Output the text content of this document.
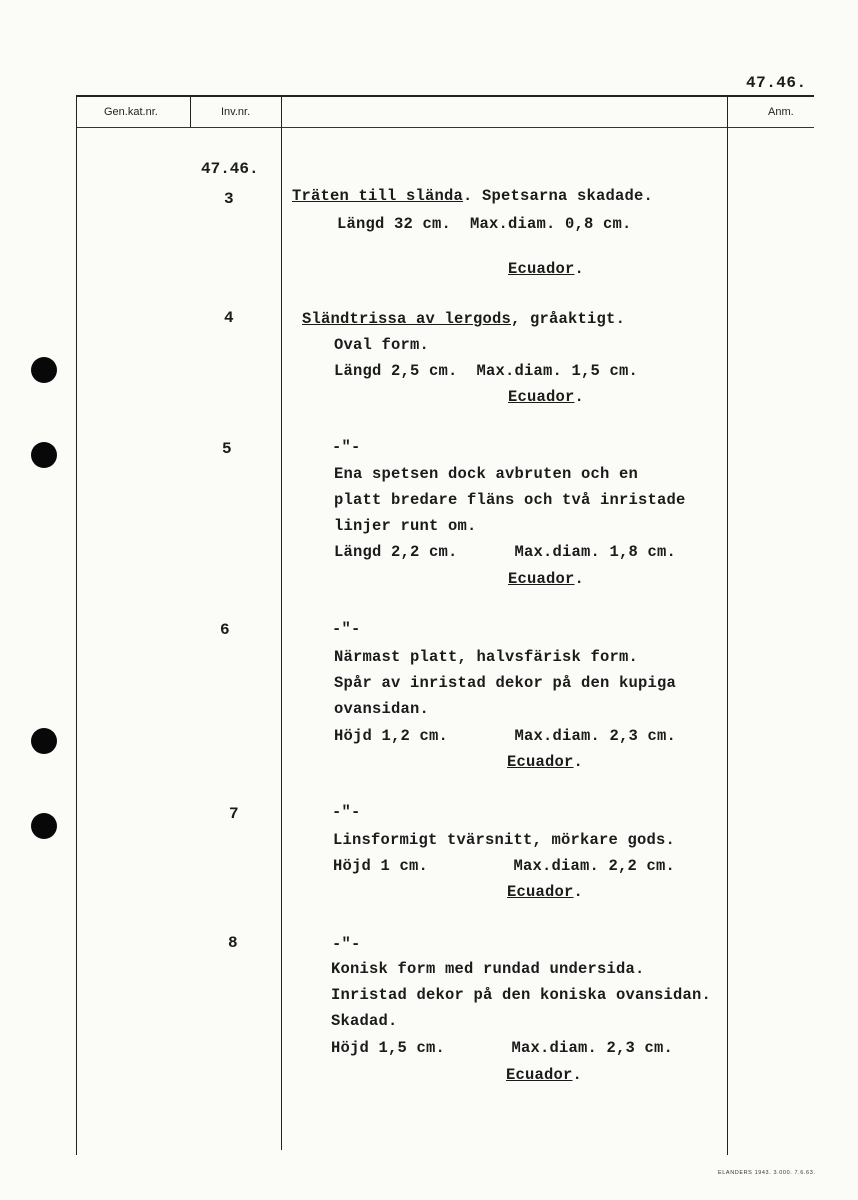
47.46.
Gen.kat.nr.	Inv.nr.	Anm.
47.46.
3	Träten till slända. Spetsarna skadade.
Längd 32 cm.  Max.diam. 0,8 cm.
Ecuador.
4	Sländtrissa av lergods, gråaktigt.
Oval form.
Längd 2,5 cm.  Max.diam. 1,5 cm.
Ecuador.
5	-"-
Ena spetsen dock avbruten och en
platt bredare fläns och två inristade
linjer runt om.
Längd 2,2 cm.      Max.diam. 1,8 cm.
Ecuador.
6	-"-
Närmast platt, halvsfärisk form.
Spår av inristad dekor på den kupiga
ovansidan.
Höjd 1,2 cm.       Max.diam. 2,3 cm.
Ecuador.
7	-"-
Linsformigt tvärsnitt, mörkare gods.
Höjd 1 cm.         Max.diam. 2,2 cm.
Ecuador.
8	-"-
Konisk form med rundad undersida.
Inristad dekor på den koniska ovansidan.
Skadad.
Höjd 1,5 cm.       Max.diam. 2,3 cm.
Ecuador.
ELANDERS 1943. 3.000. 7.6.63.
